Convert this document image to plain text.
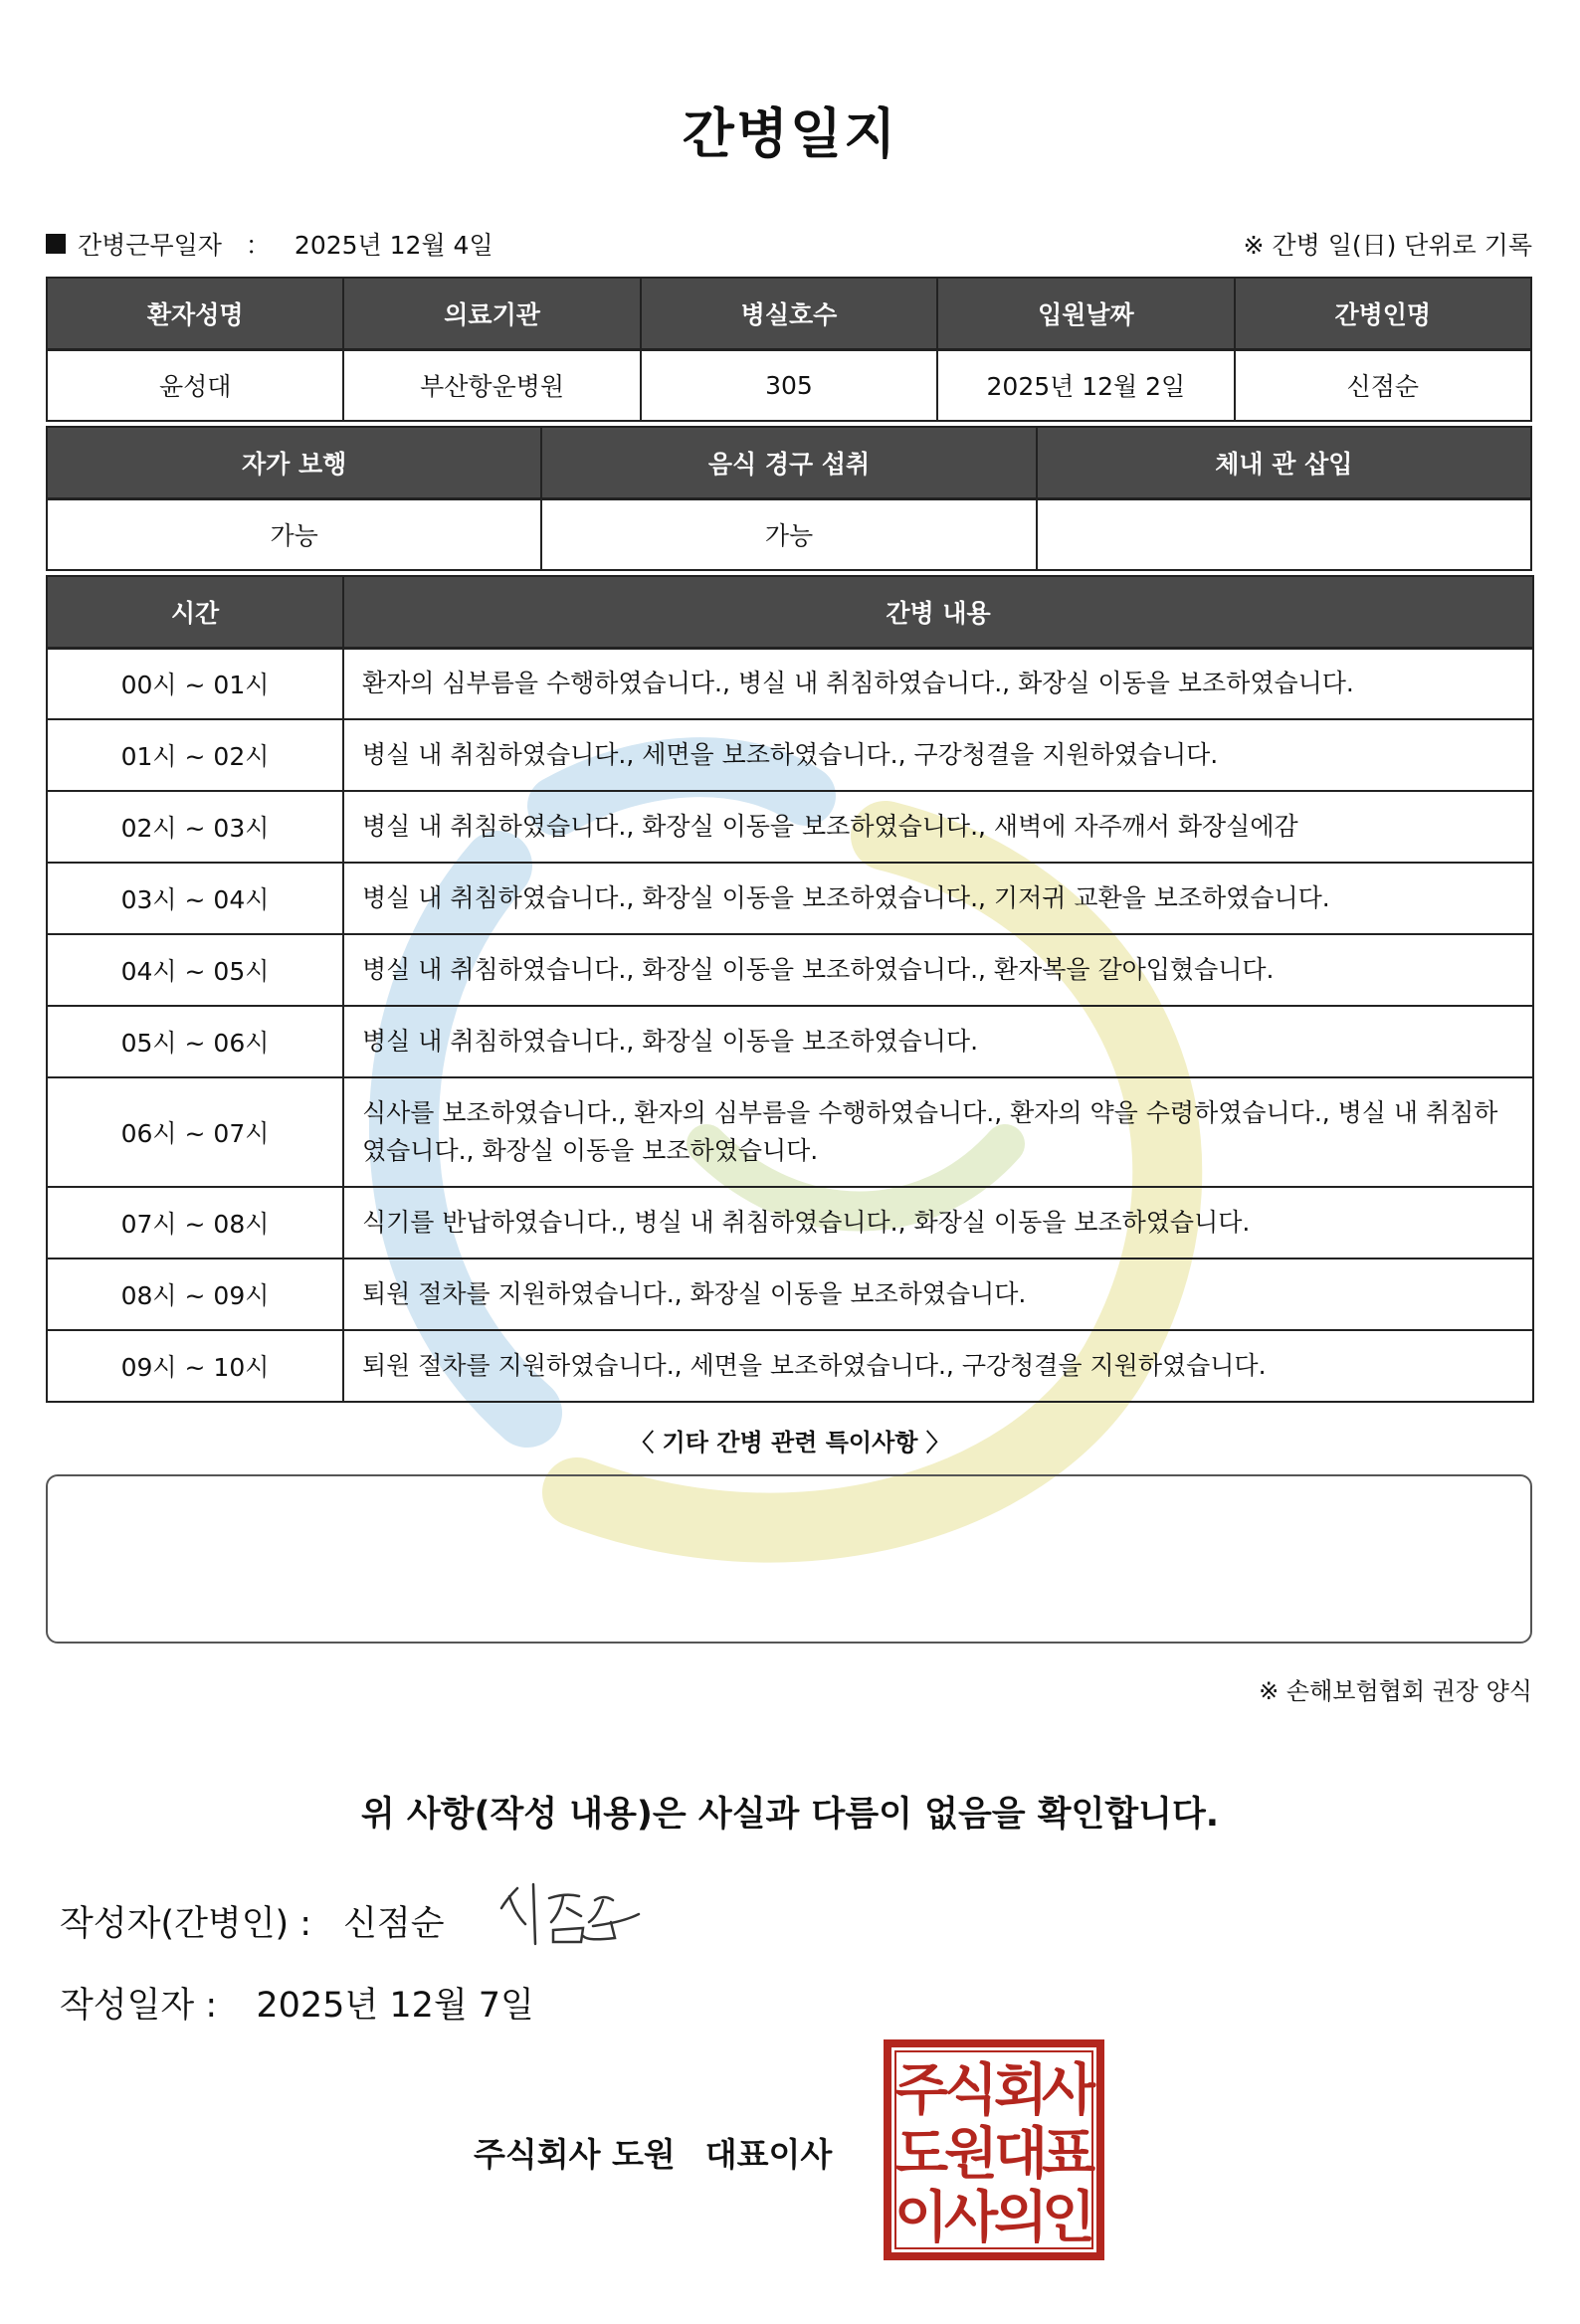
간병일지
간병근무일자 ： 2025년 12월 4일	※ 간병 일(日) 단위로 기록
환자성명	의료기관	병실호수	입원날짜	간병인명
윤성대	부산항운병원	305	2025년 12월 2일	신점순
자가 보행	음식 경구 섭취	체내 관 삽입
가능	가능	
시간	간병 내용
00시 ~ 01시	환자의 심부름을 수행하였습니다., 병실 내 취침하였습니다., 화장실 이동을 보조하였습니다.
01시 ~ 02시	병실 내 취침하였습니다., 세면을 보조하였습니다., 구강청결을 지원하였습니다.
02시 ~ 03시	병실 내 취침하였습니다., 화장실 이동을 보조하였습니다., 새벽에 자주깨서 화장실에감
03시 ~ 04시	병실 내 취침하였습니다., 화장실 이동을 보조하였습니다., 기저귀 교환을 보조하였습니다.
04시 ~ 05시	병실 내 취침하였습니다., 화장실 이동을 보조하였습니다., 환자복을 갈아입혔습니다.
05시 ~ 06시	병실 내 취침하였습니다., 화장실 이동을 보조하였습니다.
06시 ~ 07시	식사를 보조하였습니다., 환자의 심부름을 수행하였습니다., 환자의 약을 수령하였습니다., 병실 내 취침하였습니다., 화장실 이동을 보조하였습니다.
07시 ~ 08시	식기를 반납하였습니다., 병실 내 취침하였습니다., 화장실 이동을 보조하였습니다.
08시 ~ 09시	퇴원 절차를 지원하였습니다., 화장실 이동을 보조하였습니다.
09시 ~ 10시	퇴원 절차를 지원하였습니다., 세면을 보조하였습니다., 구강청결을 지원하였습니다.
〈 기타 간병 관련 특이사항 〉
※ 손해보험협회 권장 양식
위 사항(작성 내용)은 사실과 다름이 없음을 확인합니다.
작성자(간병인) : 신점순
작성일자 : 2025년 12월 7일
주식회사 도원 대표이사
주
식
회
사
도
원
대
표
이
사
의
인
